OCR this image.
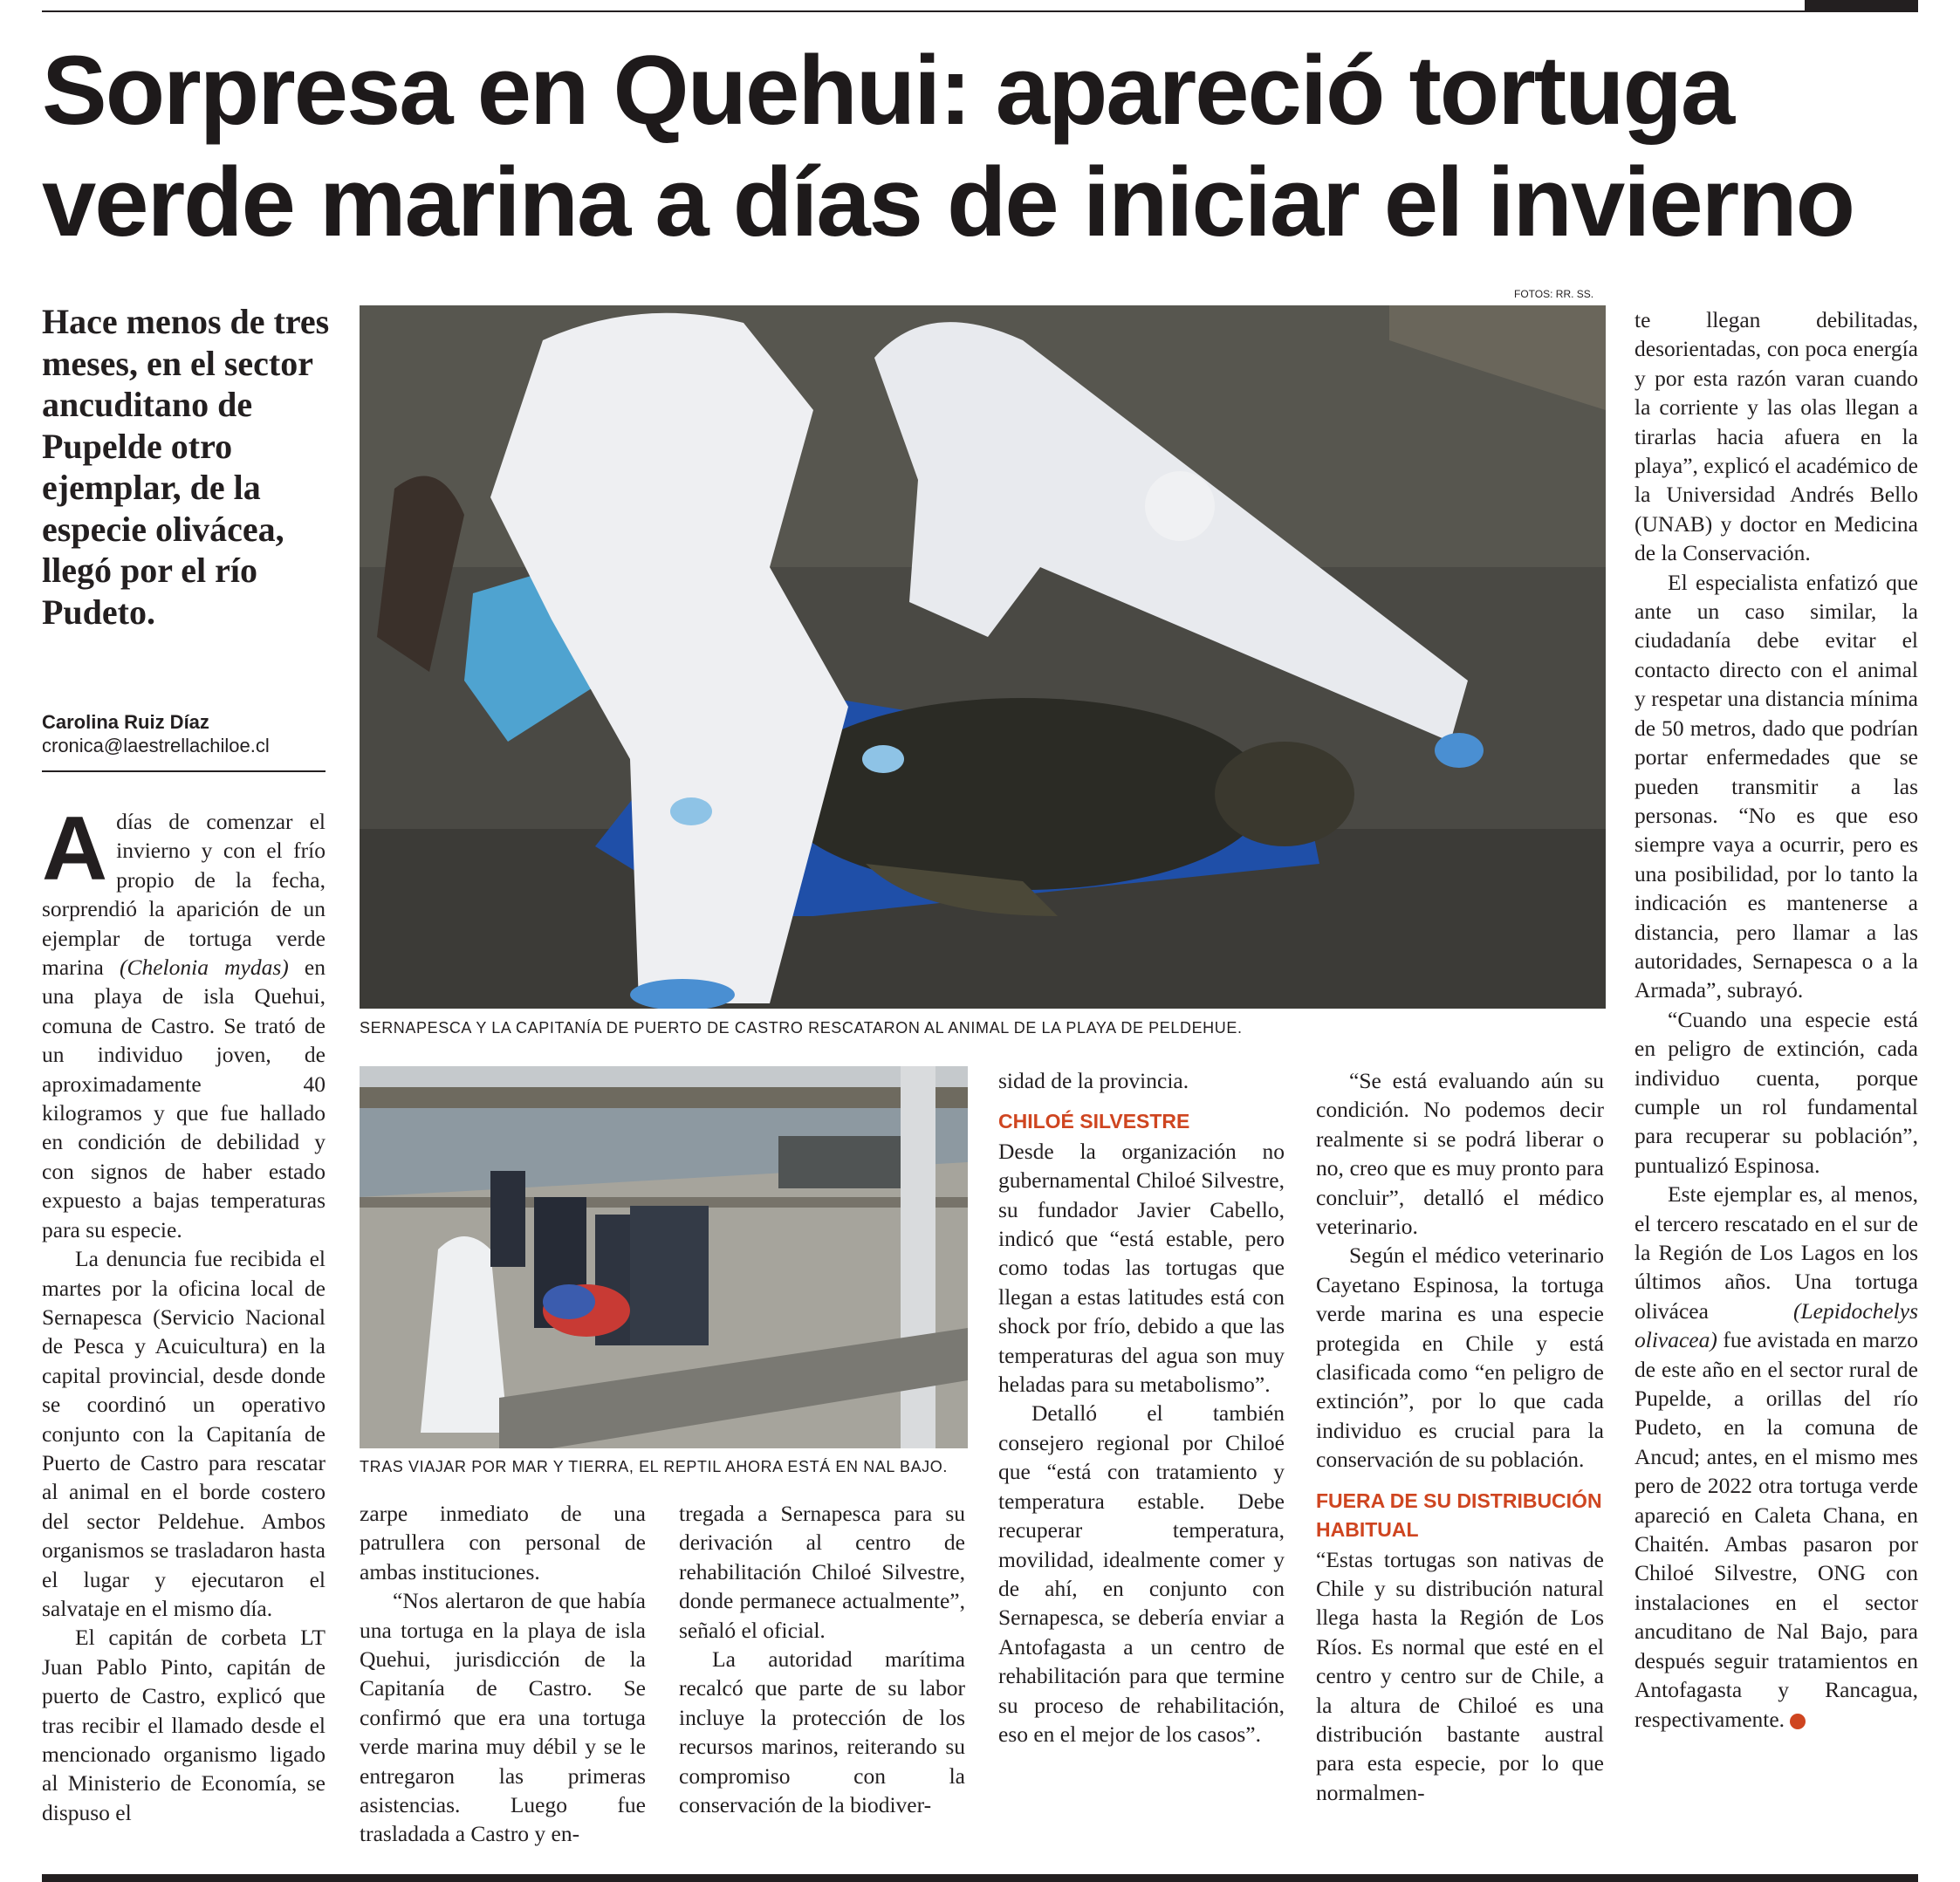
Sorpresa en Quehui: apareció tortuga
verde marina a días de iniciar el invierno

Hace menos de tres meses, en el sector ancuditano de Pupelde otro ejemplar, de la especie olivácea, llegó por el río Pudeto.

Carolina Ruiz Díaz
cronica@laestrellachiloe.cl
FOTOS: RR. SS.
SERNAPESCA Y LA CAPITANÍA DE PUERTO DE CASTRO RESCATARON AL ANIMAL DE LA PLAYA DE PELDEHUE.
TRAS VIAJAR POR MAR Y TIERRA, EL REPTIL AHORA ESTÁ EN NAL BAJO.

A días de comenzar el invierno y con el frío propio de la fecha, sorprendió la aparición de un ejemplar de tortuga verde marina (Chelonia mydas) en una playa de isla Quehui, comuna de Castro. Se trató de un individuo joven, de aproximadamente 40 kilogramos y que fue hallado en condición de debilidad y con signos de haber estado expuesto a bajas temperaturas para su especie.

La denuncia fue recibida el martes por la oficina local de Sernapesca (Servicio Nacional de Pesca y Acuicultura) en la capital provincial, desde donde se coordinó un operativo conjunto con la Capitanía de Puerto de Castro para rescatar al animal en el borde costero del sector Peldehue. Ambos organismos se trasladaron hasta el lugar y ejecutaron el salvataje en el mismo día.

El capitán de corbeta LT Juan Pablo Pinto, capitán de puerto de Castro, explicó que tras recibir el llamado desde el mencionado organismo ligado al Ministerio de Economía, se dispuso el

zarpe inmediato de una patrullera con personal de ambas instituciones.

“Nos alertaron de que había una tortuga en la playa de isla Quehui, jurisdicción de la Capitanía de Castro. Se confirmó que era una tortuga verde marina muy débil y se le entregaron las primeras asistencias. Luego fue trasladada a Castro y en-

tregada a Sernapesca para su derivación al centro de rehabilitación Chiloé Silvestre, donde permanece actualmente”, señaló el oficial.

La autoridad marítima recalcó que parte de su labor incluye la protección de los recursos marinos, reiterando su compromiso con la conservación de la biodiver-

sidad de la provincia.

CHILOÉ SILVESTRE

Desde la organización no gubernamental Chiloé Silvestre, su fundador Javier Cabello, indicó que “está estable, pero como todas las tortugas que llegan a estas latitudes está con shock por frío, debido a que las temperaturas del agua son muy heladas para su metabolismo”.

Detalló el también consejero regional por Chiloé que “está con tratamiento y temperatura estable. Debe recuperar temperatura, movilidad, idealmente comer y de ahí, en conjunto con Sernapesca, se debería enviar a Antofagasta a un centro de rehabilitación para que termine su proceso de rehabilitación, eso en el mejor de los casos”.

“Se está evaluando aún su condición. No podemos decir realmente si se podrá liberar o no, creo que es muy pronto para concluir”, detalló el médico veterinario.

Según el médico veterinario Cayetano Espinosa, la tortuga verde marina es una especie protegida en Chile y está clasificada como “en peligro de extinción”, por lo que cada individuo es crucial para la conservación de su población.

FUERA DE SU DISTRIBUCIÓN HABITUAL

“Estas tortugas son nativas de Chile y su distribución natural llega hasta la Región de Los Ríos. Es normal que esté en el centro y centro sur de Chile, a la altura de Chiloé es una distribución bastante austral para esta especie, por lo que normalmen-

te llegan debilitadas, desorientadas, con poca energía y por esta razón varan cuando la corriente y las olas llegan a tirarlas hacia afuera en la playa”, explicó el académico de la Universidad Andrés Bello (UNAB) y doctor en Medicina de la Conservación.

El especialista enfatizó que ante un caso similar, la ciudadanía debe evitar el contacto directo con el animal y respetar una distancia mínima de 50 metros, dado que podrían portar enfermedades que se pueden transmitir a las personas. “No es que eso siempre vaya a ocurrir, pero es una posibilidad, por lo tanto la indicación es mantenerse a distancia, pero llamar a las autoridades, Sernapesca o a la Armada”, subrayó.

“Cuando una especie está en peligro de extinción, cada individuo cuenta, porque cumple un rol fundamental para recuperar su población”, puntualizó Espinosa.

Este ejemplar es, al menos, el tercero rescatado en el sur de la Región de Los Lagos en los últimos años. Una tortuga olivácea (Lepidochelys olivacea) fue avistada en marzo de este año en el sector rural de Pupelde, a orillas del río Pudeto, en la comuna de Ancud; antes, en el mismo mes pero de 2022 otra tortuga verde apareció en Caleta Chana, en Chaitén. Ambas pasaron por Chiloé Silvestre, ONG con instalaciones en el sector ancuditano de Nal Bajo, para después seguir tratamientos en Antofagasta y Rancagua, respectivamente.
